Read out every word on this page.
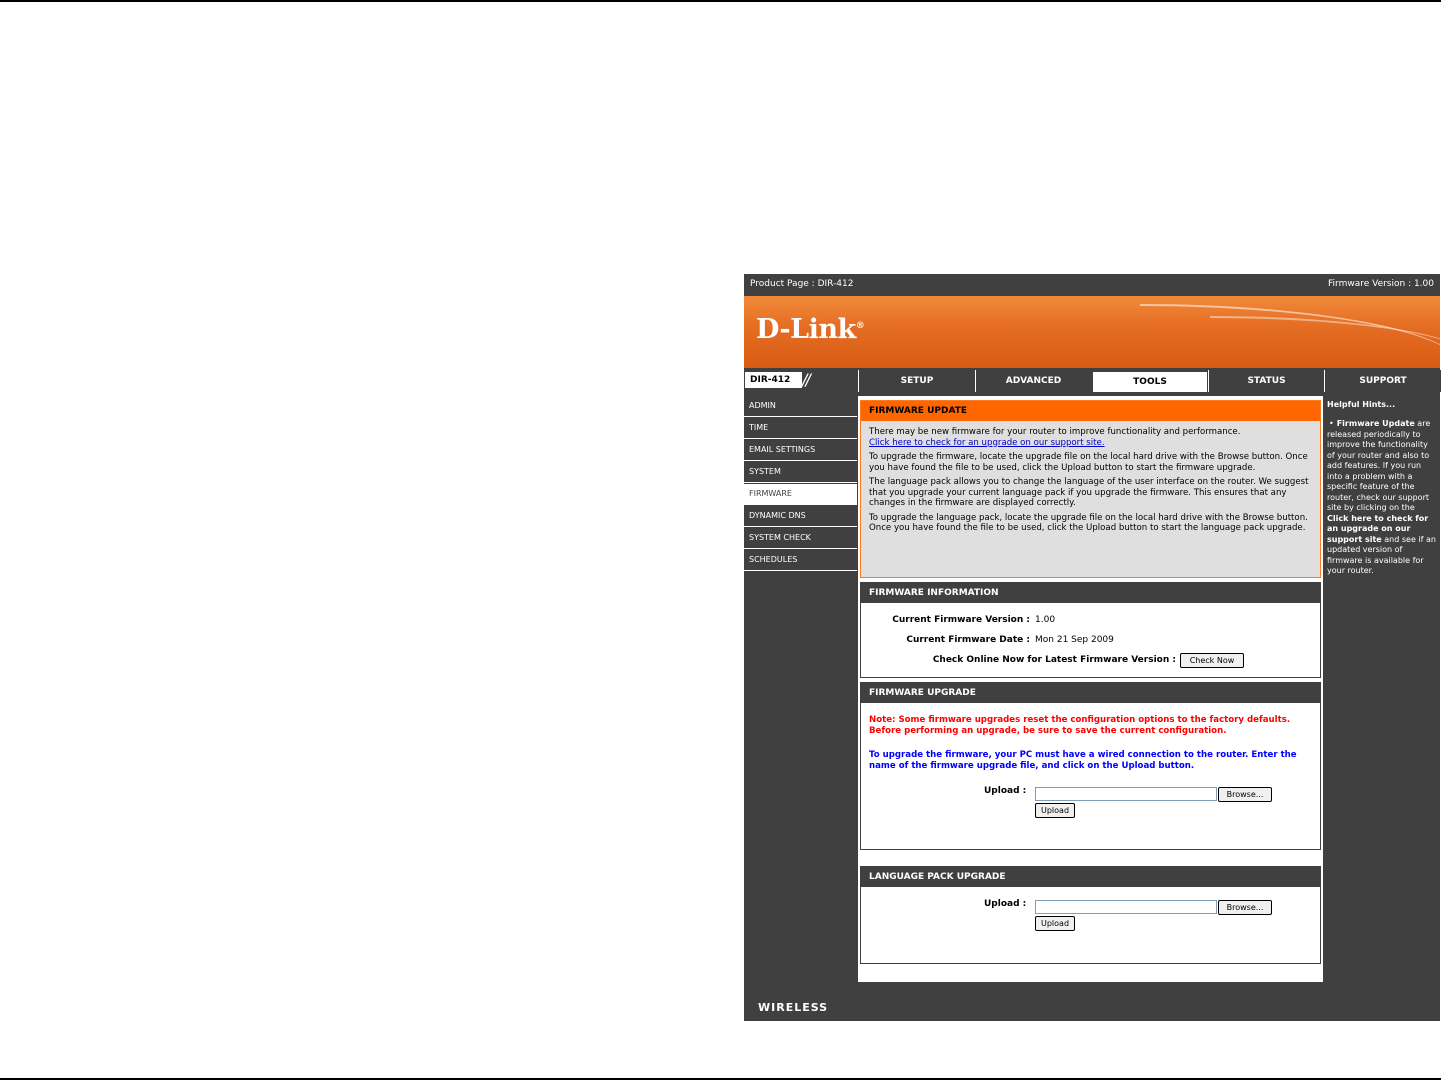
Product Page : DIR-412	Firmware Version : 1.00
D-Link®
DIR-412 //	SETUP	ADVANCED	TOOLS	STATUS	SUPPORT
ADMIN
TIME
EMAIL SETTINGS
SYSTEM
FIRMWARE
DYNAMIC DNS
SYSTEM CHECK
SCHEDULES
FIRMWARE UPDATE

There may be new firmware for your router to improve functionality and performance.
Click here to check for an upgrade on our support site.

To upgrade the firmware, locate the upgrade file on the local hard drive with the Browse button. Once you have found the file to be used, click the Upload button to start the firmware upgrade.

The language pack allows you to change the language of the user interface on the router. We suggest that you upgrade your current language pack if you upgrade the firmware. This ensures that any changes in the firmware are displayed correctly.

To upgrade the language pack, locate the upgrade file on the local hard drive with the Browse button. Once you have found the file to be used, click the Upload button to start the language pack upgrade.

FIRMWARE INFORMATION
Current Firmware Version : 1.00
Current Firmware Date : Mon 21 Sep 2009
Check Online Now for Latest Firmware Version :	Check Now
FIRMWARE UPGRADE

Note: Some firmware upgrades reset the configuration options to the factory defaults. Before performing an upgrade, be sure to save the current configuration.

To upgrade the firmware, your PC must have a wired connection to the router. Enter the name of the firmware upgrade file, and click on the Upload button.

Upload :	Browse...
Upload
LANGUAGE PACK UPGRADE
Upload :	Browse...
Upload
Helpful Hints...

• Firmware Update are released periodically to improve the functionality of your router and also to add features. If you run into a problem with a specific feature of the router, check our support site by clicking on the Click here to check for an upgrade on our support site and see if an updated version of firmware is available for your router.

WIRELESS
